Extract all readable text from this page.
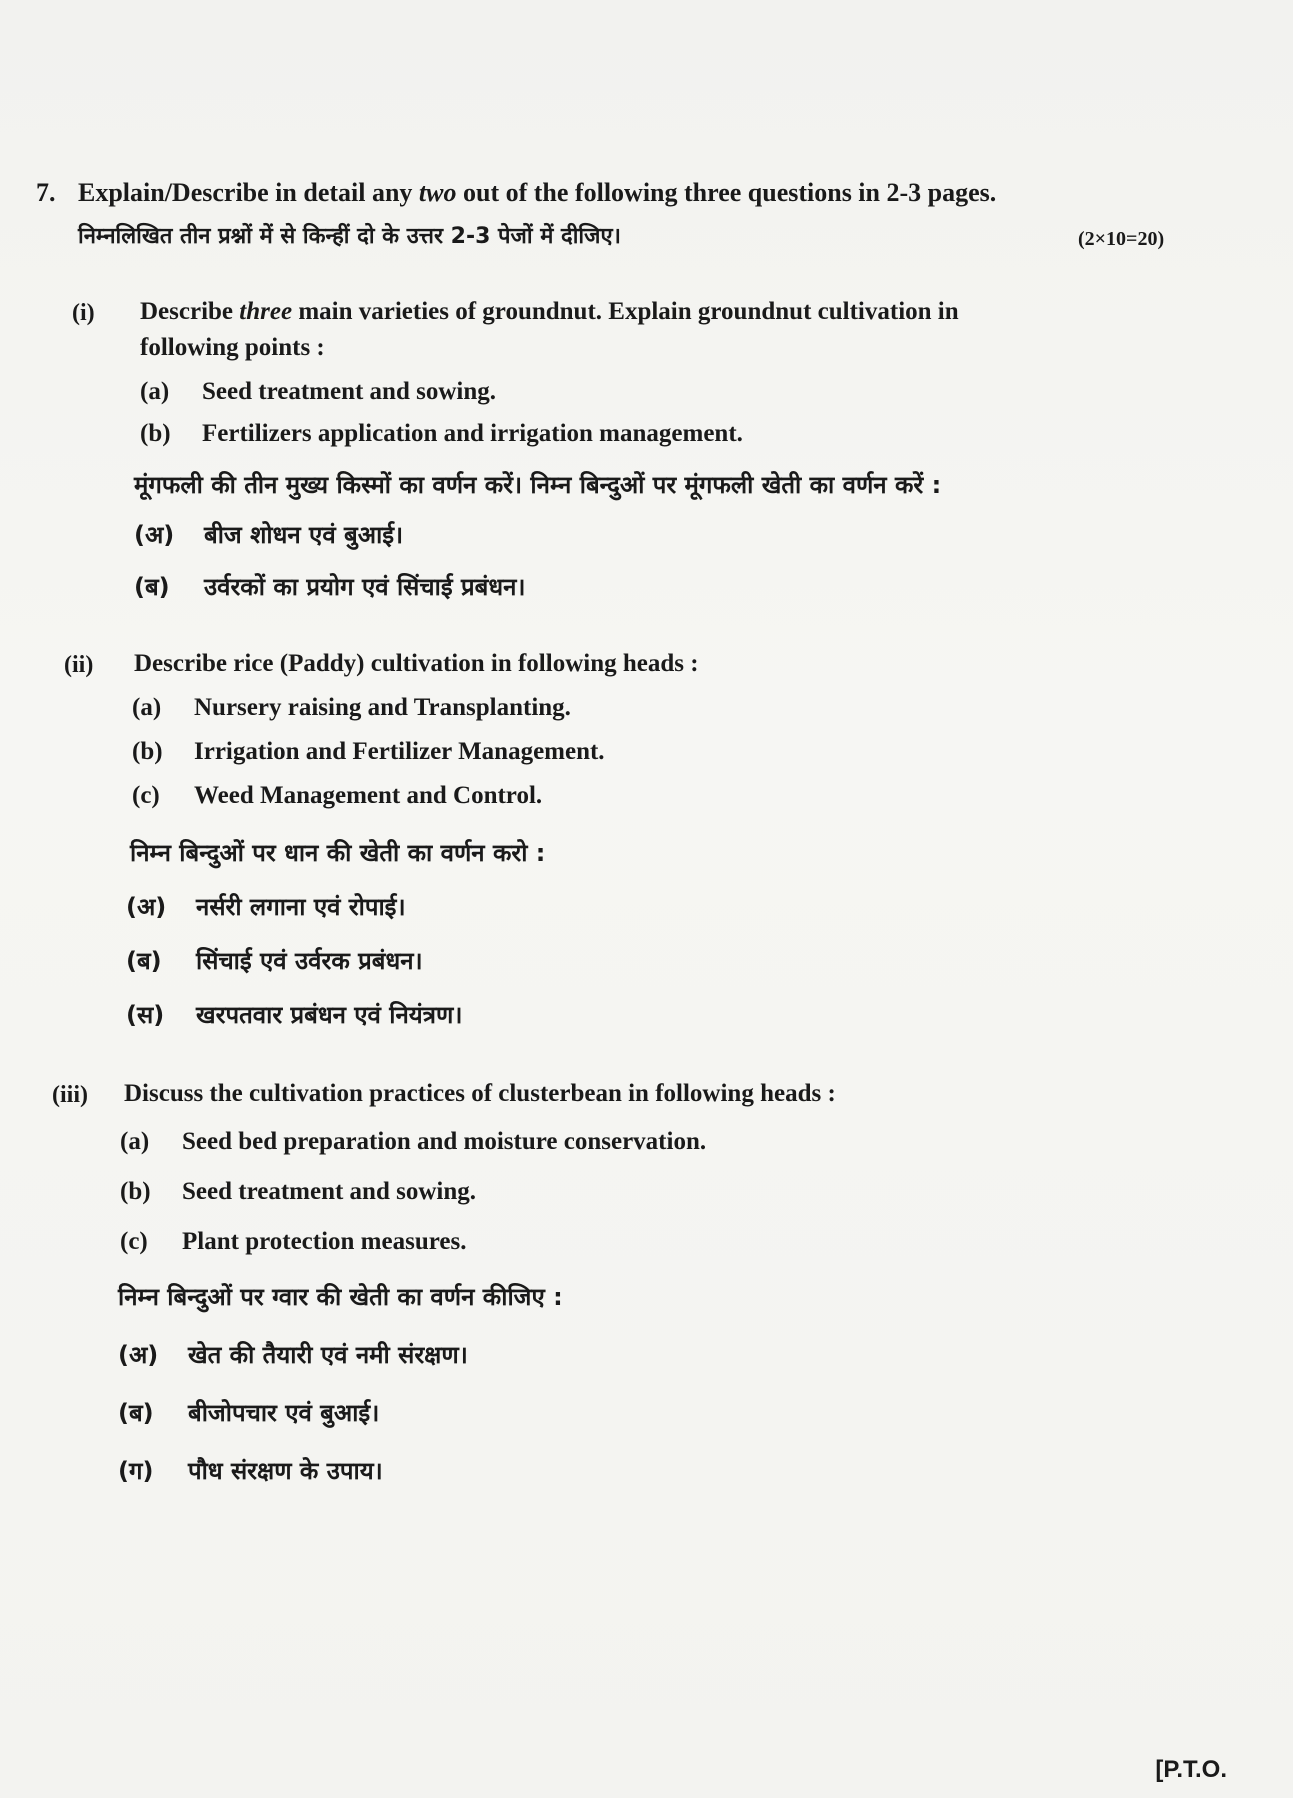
7. Explain/Describe in detail any two out of the following three questions in 2-3 pages.
निम्नलिखित तीन प्रश्नों में से किन्हीं दो के उत्तर 2-3 पेजों में दीजिए।	(2×10=20)
(i) Describe three main varieties of groundnut. Explain groundnut cultivation in
following points :
(a) Seed treatment and sowing.
(b) Fertilizers application and irrigation management.
मूंगफली की तीन मुख्य किस्मों का वर्णन करें। निम्न बिन्दुओं पर मूंगफली खेती का वर्णन करें :
(अ) बीज शोधन एवं बुआई।
(ब) उर्वरकों का प्रयोग एवं सिंचाई प्रबंधन।
(ii) Describe rice (Paddy) cultivation in following heads :
(a) Nursery raising and Transplanting.
(b) Irrigation and Fertilizer Management.
(c) Weed Management and Control.
निम्न बिन्दुओं पर धान की खेती का वर्णन करो :
(अ) नर्सरी लगाना एवं रोपाई।
(ब) सिंचाई एवं उर्वरक प्रबंधन।
(स) खरपतवार प्रबंधन एवं नियंत्रण।
(iii) Discuss the cultivation practices of clusterbean in following heads :
(a) Seed bed preparation and moisture conservation.
(b) Seed treatment and sowing.
(c) Plant protection measures.
निम्न बिन्दुओं पर ग्वार की खेती का वर्णन कीजिए :
(अ) खेत की तैयारी एवं नमी संरक्षण।
(ब) बीजोपचार एवं बुआई।
(ग) पौध संरक्षण के उपाय।
[P.T.O.
